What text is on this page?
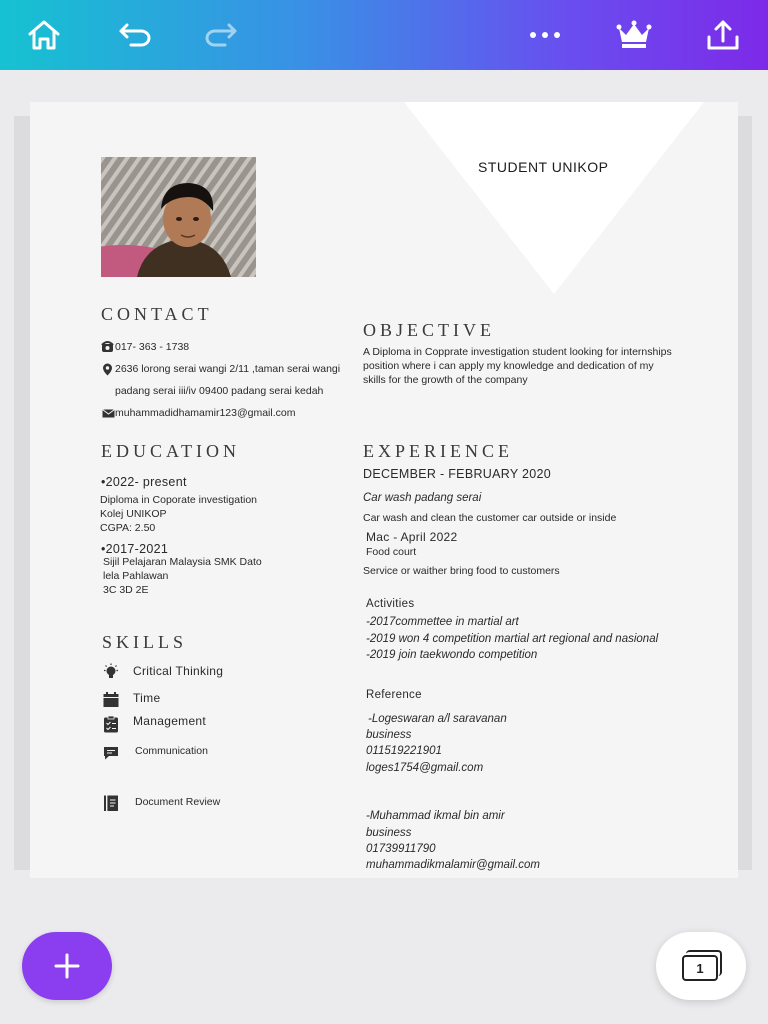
STUDENT UNIKOP
CONTACT
017- 363 - 1738
2636 lorong serai wangi 2/11 ,taman serai wangi
padang serai iii/iv 09400 padang serai kedah
muhammadidhamamir123@gmail.com
OBJECTIVE
A Diploma in Copprate investigation student looking for internships position where i can apply my knowledge and dedication of my skills for the growth of the company
EDUCATION
•2022- present
Diploma in Coporate investigation
Kolej UNIKOP
CGPA: 2.50
•2017-2021
Sijil Pelajaran Malaysia SMK Dato
lela Pahlawan
3C 3D 2E
SKILLS
Critical Thinking
Time
Management
Communication
Document Review
EXPERIENCE
DECEMBER - FEBRUARY 2020
Car wash padang serai
Car wash and clean the customer car outside or inside
Mac - April 2022
Food court
Service or waither bring food to customers
Activities
-2017commettee in martial art
-2019 won 4 competition martial art regional and nasional
-2019 join taekwondo competition
Reference
-Logeswaran a/l saravanan
business
011519221901
loges1754@gmail.com
-Muhammad ikmal bin amir
business
01739911790
muhammadikmalamir@gmail.com
1
